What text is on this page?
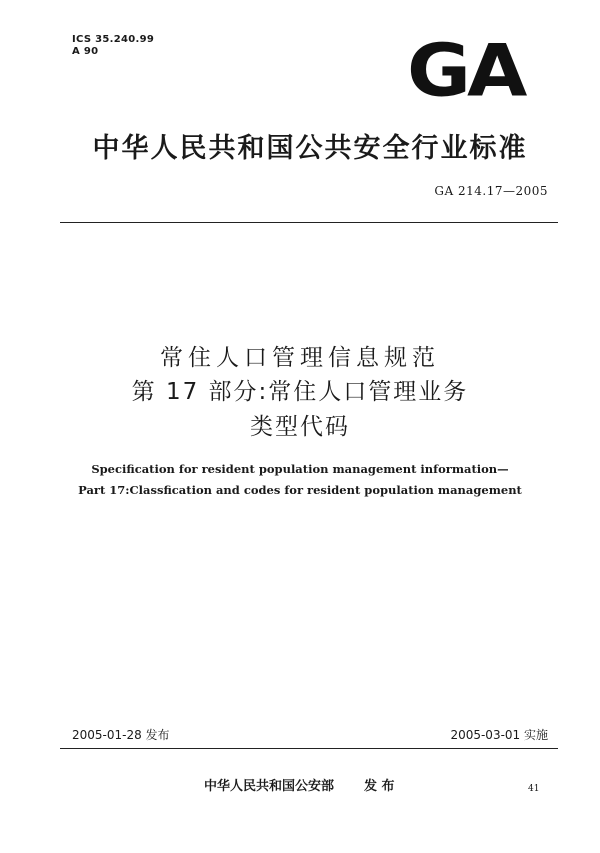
ICS 35.240.99
A 90	GA
中华人民共和国公共安全行业标准
GA 214.17—2005
常住人口管理信息规范
第 17 部分:常住人口管理业务
类型代码
Specification for resident population management information—
Part 17:Classfication and codes for resident population management
2005-01-28 发布	2005-03-01 实施
中华人民共和国公安部 发 布	41
